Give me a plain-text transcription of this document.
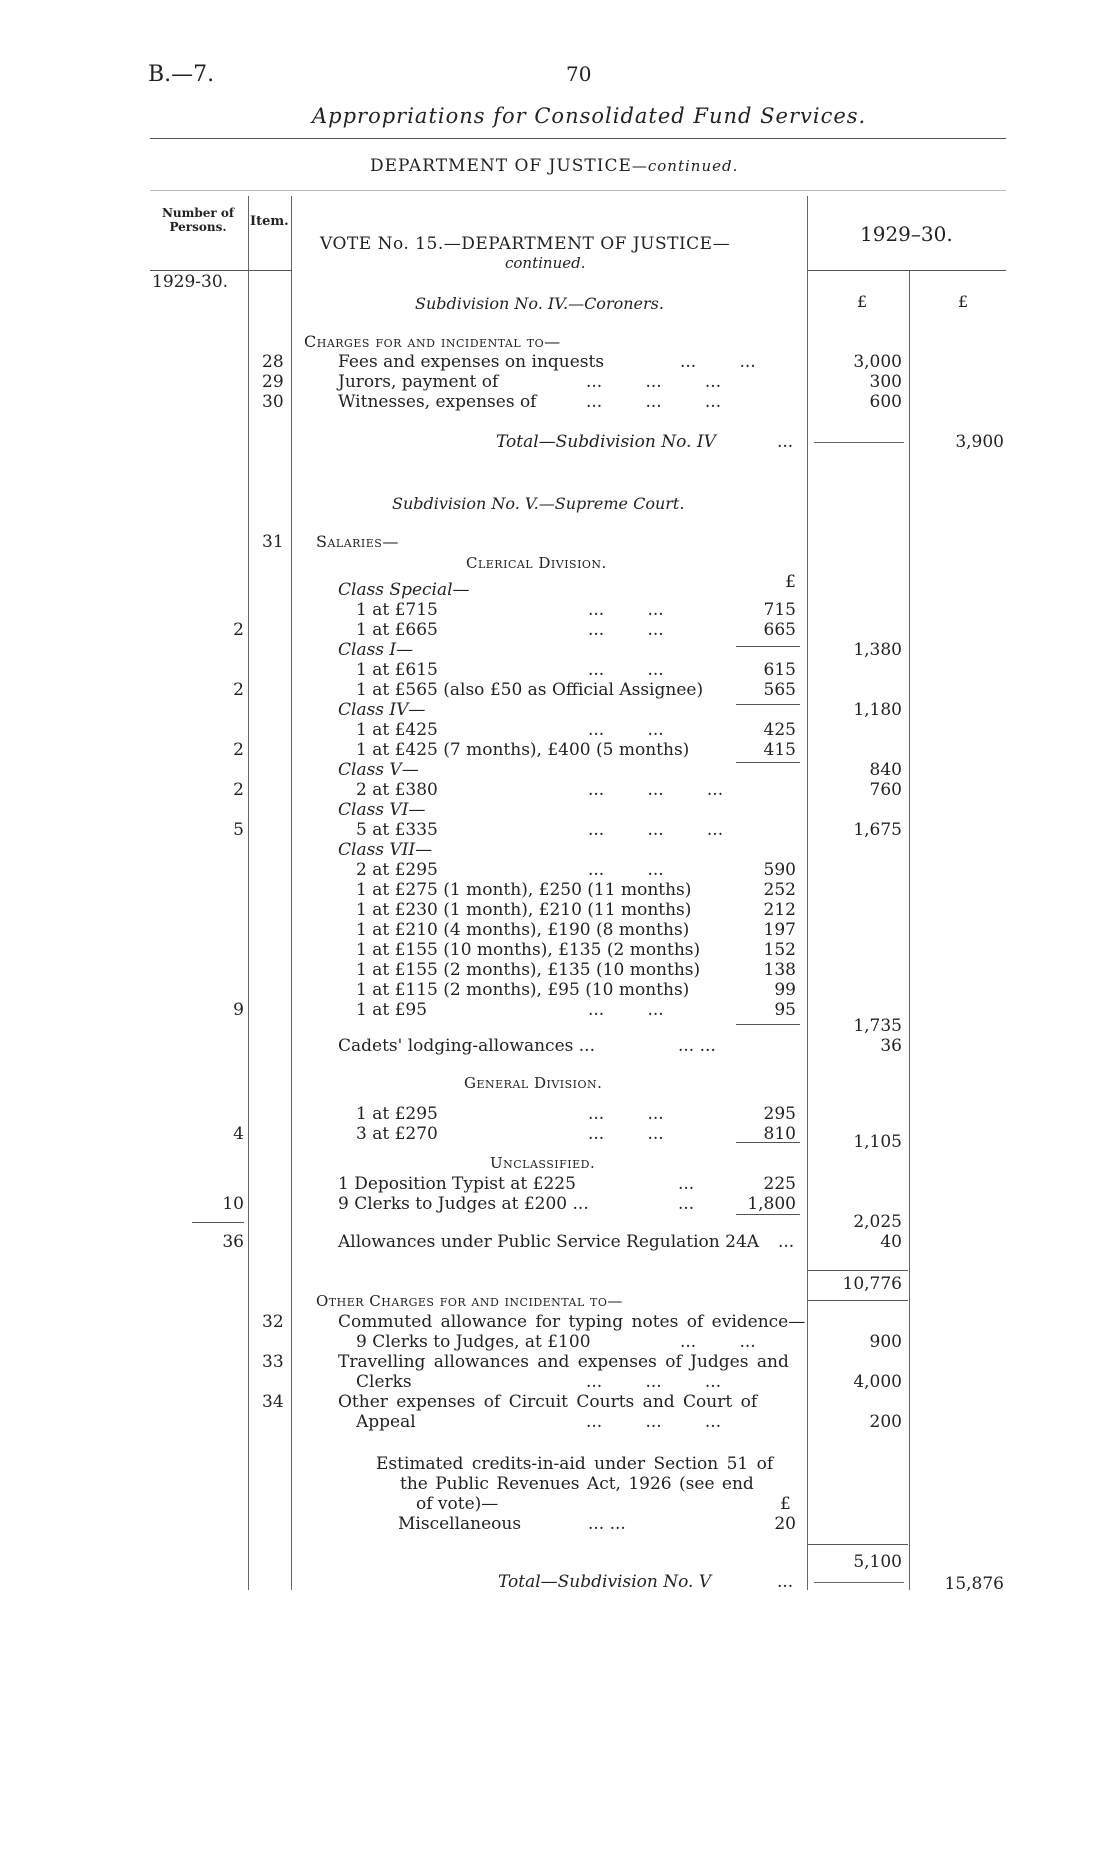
B.—7.	70
Appropriations for Consolidated Fund Services.
DEPARTMENT OF JUSTICE—continued.
Number of Persons.	Item.
1929-30.
VOTE No. 15.—DEPARTMENT OF JUSTICE—
continued.
1929–30.
£	£
Subdivision No. IV.—Coroners.
Charges for and incidental to—
28	Fees and expenses on inquests	...        ...	3,000
29	Jurors, payment of	...        ...        ...	300
30	Witnesses, expenses of	...        ...        ...	600
Total—Subdivision No. IV	...	3,900
Subdivision No. V.—Supreme Court.
31 Salaries—
Clerical Division.
£
Class Special—
1 at £715	...        ...	715
2	1 at £665	...        ...	665
Class I—	1,380
1 at £615	...        ...	615
2	1 at £565 (also £50 as Official Assignee)	565
Class IV—	1,180
1 at £425	...        ...	425
2	1 at £425 (7 months), £400 (5 months)	415
Class V—	840
2	2 at £380	...        ...        ...	760
Class VI—
5	5 at £335	...        ...        ...	1,675
Class VII—
2 at £295	...        ...	590
1 at £275 (1 month), £250 (11 months)	252
1 at £230 (1 month), £210 (11 months)	212
1 at £210 (4 months), £190 (8 months)	197
1 at £155 (10 months), £135 (2 months)	152
1 at £155 (2 months), £135 (10 months)	138
1 at £115 (2 months), £95 (10 months)	99
9	1 at £95	...        ...	95
1,735
Cadets' lodging-allowances ...	... ...	36
General Division.
1 at £295	...        ...	295
4	3 at £270	...        ...	810	1,105
Unclassified.
1 Deposition Typist at £225	...	225
10	9 Clerks to Judges at £200 ...	...	1,800
2,025
36	Allowances under Public Service Regulation 24A ...	40
10,776
Other Charges for and incidental to—
32	Commuted allowance for typing notes of evidence—
9 Clerks to Judges, at £100	...        ...	900
33	Travelling allowances and expenses of Judges and
Clerks	...        ...        ...	4,000
34	Other expenses of Circuit Courts and Court of
Appeal	...        ...        ...	200
Estimated credits-in-aid under Section 51 of
the Public Revenues Act, 1926 (see end
of vote)—	£
Miscellaneous	... ...	20
5,100
Total—Subdivision No. V	...	15,876
